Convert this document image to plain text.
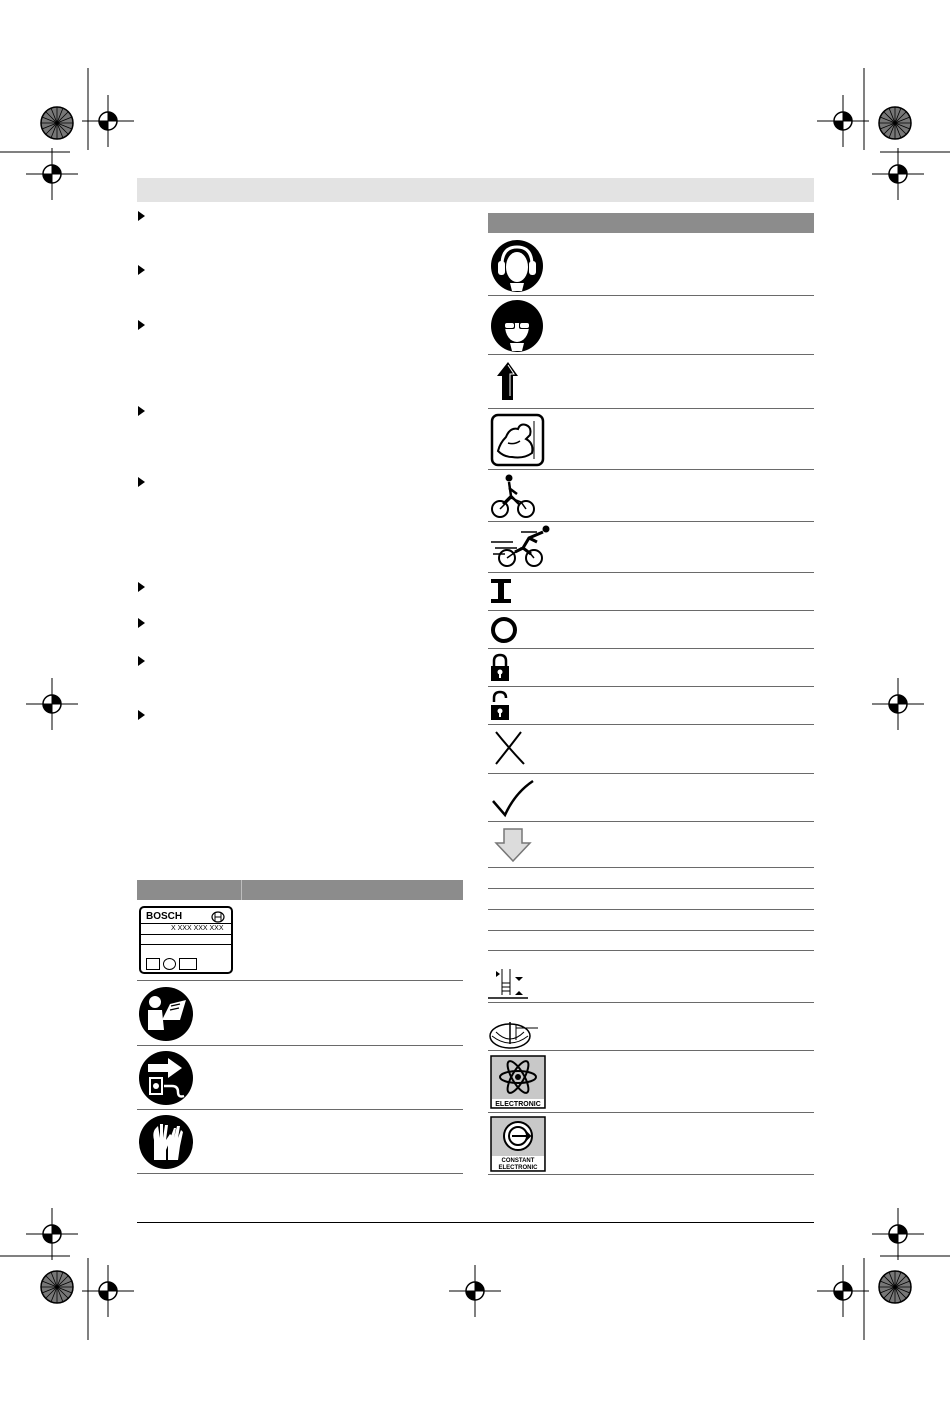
BOSCH
X XXX XXX XXX
ELECTRONIC
CONSTANT
ELECTRONIC
